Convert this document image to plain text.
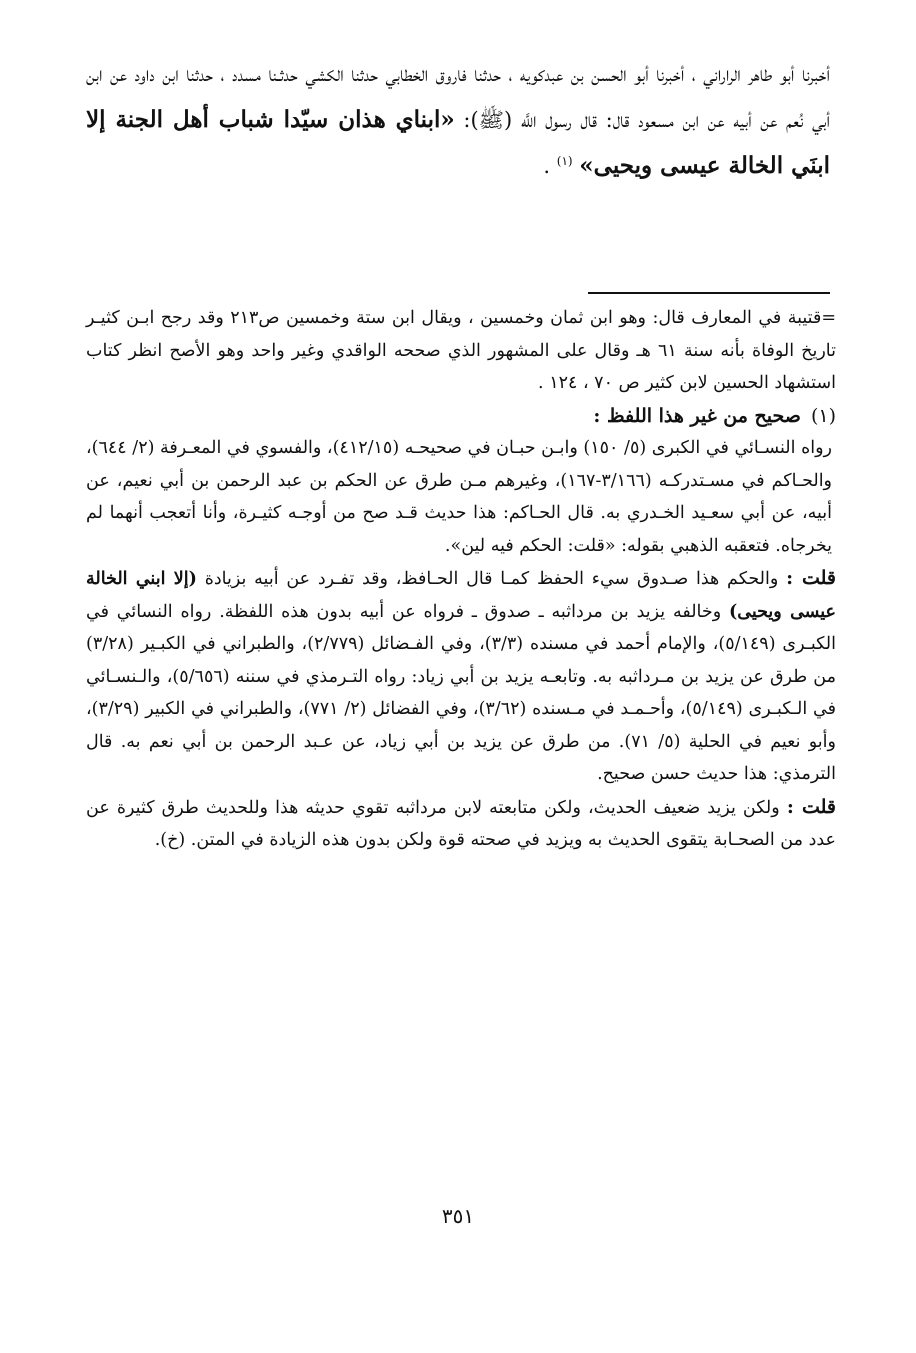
أخبرنا أبو طاهر الراراني ، أخبرنا أبو الحسن بن عبدكويه ، حدثنا فاروق الخطابي حدثنا الكشي حدثـنا مسدد ، حدثنا ابن داود عن ابن أبي نُعم عن أبيه عن ابن مسعود قال: قال رسول اللَّه (ﷺ): «ابناي هذان سيّدا شباب أهل الجنة إلا ابنَي الخالة عيسى ويحيى» $^{(١)}$ .

=قتيبة في المعارف قال: وهو ابن ثمان وخمسين ، ويقال ابن ستة وخمسين ص٢١٣ وقد رجح ابـن كثيـر تاريخ الوفاة بأنه سنة ٦١ هـ وقال على المشهور الذي صححه الواقدي وغير واحد وهو الأصح انظر كتاب استشهاد الحسين لابن كثير ص ٧٠ ، ١٢٤ .

(١)صحيح من غير هذا اللفظ :

رواه النسـائي في الكبرى (٥/ ١٥٠) وابـن حبـان في صحيحـه (٤١٢/١٥)، والفسوي في المعـرفة (٢/ ٦٤٤)، والحـاكم في مسـتدركـه (٣/١٦٦-١٦٧)، وغيرهم مـن طرق عن الحكم بن عبد الرحمن بن أبي نعيم، عن أبيه، عن أبي سعـيد الخـدري به. قال الحـاكم: هذا حديث قـد صح من أوجـه كثيـرة، وأنا أتعجب أنهما لم يخرجاه. فتعقبه الذهبي بقوله: «قلت: الحكم فيه لين».

قلت : والحكم هذا صـدوق سيء الحفظ كمـا قال الحـافظ، وقد تفـرد عن أبيه بزيادة (إلا ابني الخالة عيسى ويحيى) وخالفه يزيد بن مرداثبه ـ صدوق ـ فرواه عن أبيه بدون هذه اللفظة. رواه النسائي في الكبـرى (٥/١٤٩)، والإمام أحمد في مسنده (٣/٣)، وفي الفـضائل (٢/٧٧٩)، والطبراني في الكبـير (٣/٢٨) من طرق عن يزيد بن مـرداثبه به. وتابعـه يزيد بن أبي زياد: رواه التـرمذي في سننه (٥/٦٥٦)، والـنسـائي في الـكبـرى (٥/١٤٩)، وأحـمـد في مـسنده (٣/٦٢)، وفي الفضائل (٢/ ٧٧١)، والطبراني في الكبير (٣/٢٩)، وأبو نعيم في الحلية (٥/ ٧١). من طرق عن يزيد بن أبي زياد، عن عـبد الرحمن بن أبي نعم به. قال الترمذي: هذا حديث حسن صحيح.

قلت : ولكن يزيد ضعيف الحديث، ولكن متابعته لابن مرداثبه تقوي حديثه هذا وللحديث طرق كثيرة عن عدد من الصحـابة يتقوى الحديث به ويزيد في صحته قوة ولكن بدون هذه الزيادة في المتن. (خ).

٣٥١
